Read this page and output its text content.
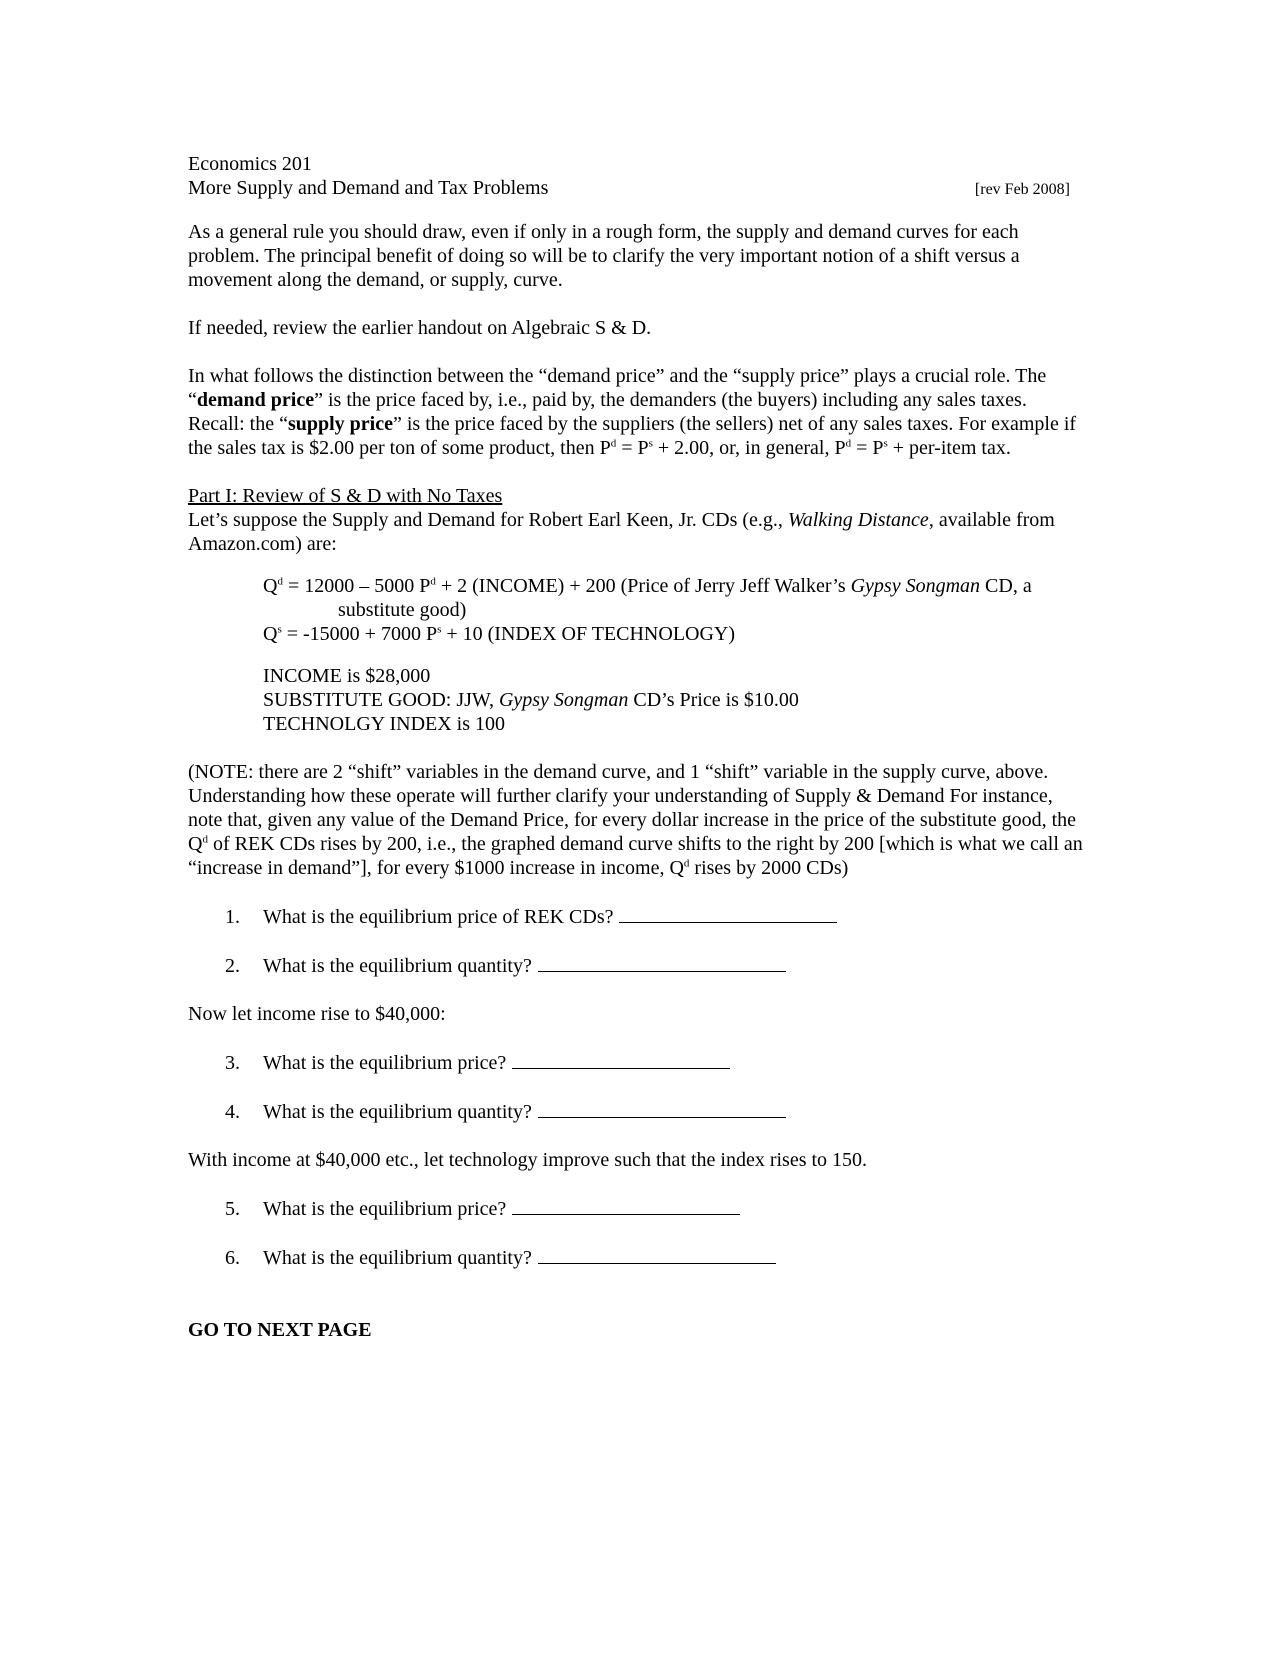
Economics 201

More Supply and Demand and Tax Problems	[rev Feb 2008]

As a general rule you should draw, even if only in a rough form, the supply and demand curves for each problem. The principal benefit of doing so will be to clarify the very important notion of a shift versus a movement along the demand, or supply, curve.

If needed, review the earlier handout on Algebraic S & D.

In what follows the distinction between the “demand price” and the “supply price” plays a crucial role. The “demand price” is the price faced by, i.e., paid by, the demanders (the buyers) including any sales taxes. Recall: the “supply price” is the price faced by the suppliers (the sellers) net of any sales taxes. For example if the sales tax is $2.00 per ton of some product, then $P^d = P^s + 2.00$, or, in general, $P^d = P^s$ + per-item tax.

Part I: Review of S & D with No Taxes

Let’s suppose the Supply and Demand for Robert Earl Keen, Jr. CDs (e.g., Walking Distance, available from Amazon.com) are:

$Q^d = 12000 - 5000$ $P^d + 2$ (INCOME) + 200 (Price of Jerry Jeff Walker’s Gypsy Songman CD, a

substitute good)

$Q^s = -15000 + 7000$ $P^s + 10$ (INDEX OF TECHNOLOGY)

INCOME is $28,000

SUBSTITUTE GOOD: JJW, Gypsy Songman CD’s Price is $10.00

TECHNOLGY INDEX is 100

(NOTE: there are 2 “shift” variables in the demand curve, and 1 “shift” variable in the supply curve, above. Understanding how these operate will further clarify your understanding of Supply & Demand For instance, note that, given any value of the Demand Price, for every dollar increase in the price of the substitute good, the $Q^d$ of REK CDs rises by 200, i.e., the graphed demand curve shifts to the right by 200 [which is what we call an “increase in demand”], for every $1000 increase in income, $Q^d$ rises by 2000 CDs)

1.	What is the equilibrium price of REK CDs?
2.	What is the equilibrium quantity?

Now let income rise to $40,000:

3.	What is the equilibrium price?
4.	What is the equilibrium quantity?

With income at $40,000 etc., let technology improve such that the index rises to 150.

5.	What is the equilibrium price?
6.	What is the equilibrium quantity?

GO TO NEXT PAGE
